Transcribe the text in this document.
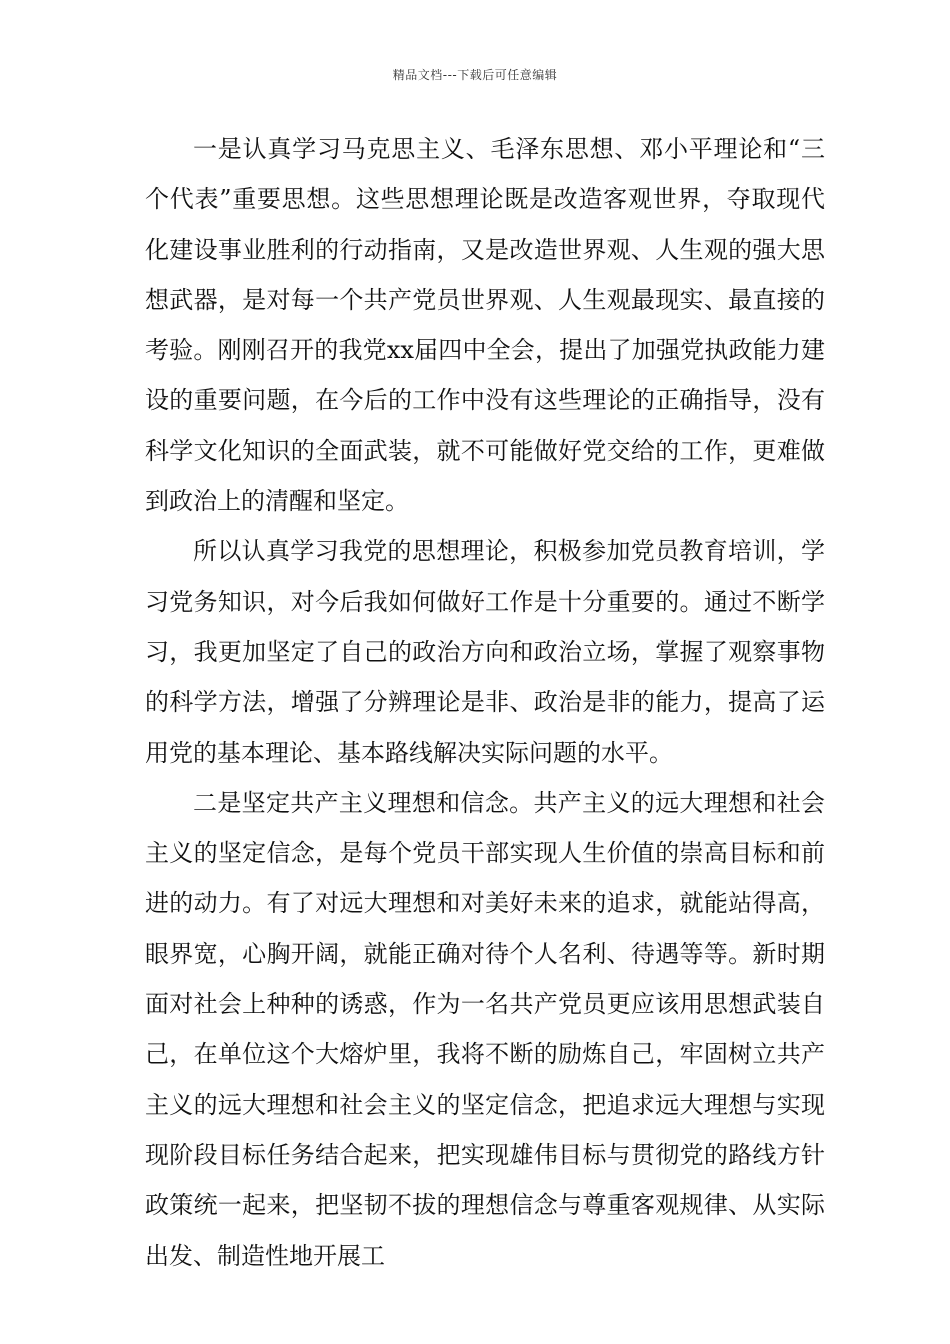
精品文档---下载后可任意编辑

一是认真学习马克思主义、毛泽东思想、邓小平理论和“三个代表”重要思想。这些思想理论既是改造客观世界，夺取现代化建设事业胜利的行动指南，又是改造世界观、人生观的强大思想武器，是对每一个共产党员世界观、人生观最现实、最直接的考验。刚刚召开的我党xx届四中全会，提出了加强党执政能力建设的重要问题，在今后的工作中没有这些理论的正确指导，没有科学文化知识的全面武装，就不可能做好党交给的工作，更难做到政治上的清醒和坚定。

所以认真学习我党的思想理论，积极参加党员教育培训，学习党务知识，对今后我如何做好工作是十分重要的。通过不断学习，我更加坚定了自己的政治方向和政治立场，掌握了观察事物的科学方法，增强了分辨理论是非、政治是非的能力，提高了运用党的基本理论、基本路线解决实际问题的水平。

二是坚定共产主义理想和信念。共产主义的远大理想和社会主义的坚定信念，是每个党员干部实现人生价值的崇高目标和前进的动力。有了对远大理想和对美好未来的追求，就能站得高，眼界宽，心胸开阔，就能正确对待个人名利、待遇等等。新时期面对社会上种种的诱惑，作为一名共产党员更应该用思想武装自己，在单位这个大熔炉里，我将不断的励炼自己，牢固树立共产主义的远大理想和社会主义的坚定信念，把追求远大理想与实现现阶段目标任务结合起来，把实现雄伟目标与贯彻党的路线方针政策统一起来，把坚韧不拔的理想信念与尊重客观规律、从实际出发、制造性地开展工
